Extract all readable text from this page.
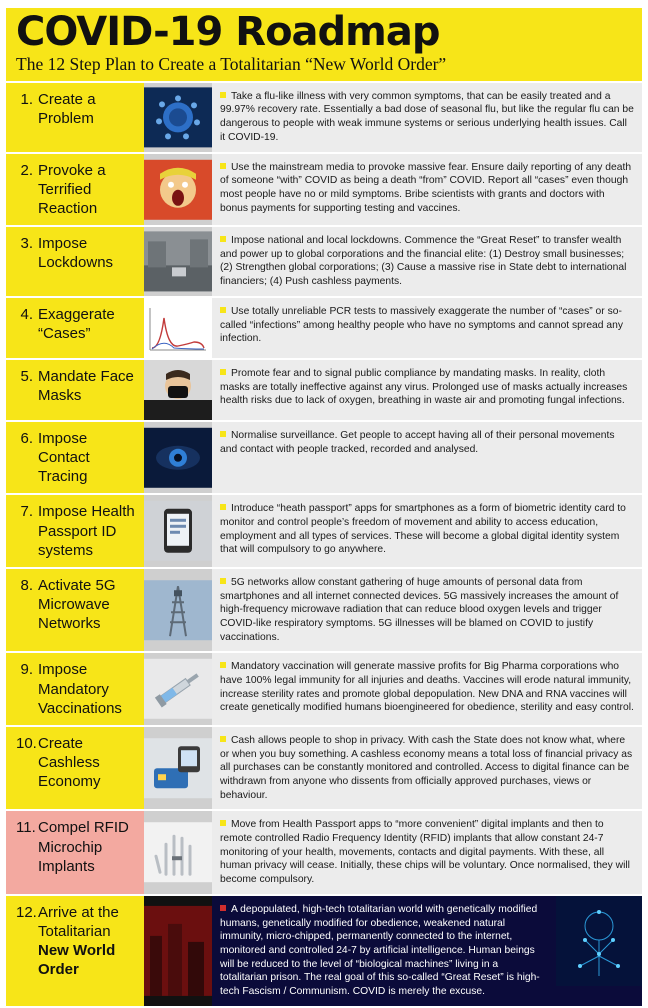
COVID-19 Roadmap
The 12 Step Plan to Create a Totalitarian “New World Order”
1. Create a Problem
Take a flu-like illness with very common symptoms, that can be easily treated and a 99.97% recovery rate. Essentially a bad dose of seasonal flu, but like the regular flu can be dangerous to people with weak immune systems or serious underlying health issues. Call it COVID-19.
2. Provoke a Terrified Reaction
Use the mainstream media to provoke massive fear. Ensure daily reporting of any death of someone “with” COVID as being a death “from” COVID. Report all “cases” even though most people have no or mild symptoms. Bribe scientists with grants and doctors with bonus payments for supporting testing and vaccines.
3. Impose Lockdowns
Impose national and local lockdowns. Commence the “Great Reset” to transfer wealth and power up to global corporations and the financial elite: (1) Destroy small businesses; (2) Strengthen global corporations; (3) Cause a massive rise in State debt to international financiers; (4) Push cashless payments.
4. Exaggerate “Cases”
Use totally unreliable PCR tests to massively exaggerate the number of “cases” or so-called “infections” among healthy people who have no symptoms and cannot spread any infection.
5. Mandate Face Masks
Promote fear and to signal public compliance by mandating masks. In reality, cloth masks are totally ineffective against any virus. Prolonged use of masks actually increases health risks due to lack of oxygen, breathing in waste air and promoting fungal infections.
6. Impose Contact Tracing
Normalise surveillance. Get people to accept having all of their personal movements and contact with people tracked, recorded and analysed.
7. Impose Health Passport ID systems
Introduce “heath passport” apps for smartphones as a form of biometric identity card to monitor and control people’s freedom of movement and ability to access education, employment and all types of services. These will become a global digital identity system that will compulsory to go anywhere.
8. Activate 5G Microwave Networks
5G networks allow constant gathering of huge amounts of personal data from smartphones and all internet connected devices. 5G massively increases the amount of high-frequency microwave radiation that can reduce blood oxygen levels and trigger COVID-like respiratory symptoms. 5G illnesses will be blamed on COVID to justify vaccinations.
9. Impose Mandatory Vaccinations
Mandatory vaccination will generate massive profits for Big Pharma corporations who have 100% legal immunity for all injuries and deaths. Vaccines will erode natural immunity, increase sterility rates and promote global depopulation. New DNA and RNA vaccines will create genetically modified humans bioengineered for obedience, sterility and easy control.
10. Create Cashless Economy
Cash allows people to shop in privacy. With cash the State does not know what, where or when you buy something. A cashless economy means a total loss of financial privacy as all purchases can be constantly monitored and controlled. Access to digital finance can be withdrawn from anyone who dissents from officially approved purchases, views or behaviour.
11. Compel RFID Microchip Implants
Move from Health Passport apps to “more convenient” digital implants and then to remote controlled Radio Frequency Identity (RFID) implants that allow constant 24-7 monitoring of your health, movements, contacts and digital payments. With these, all human privacy will cease. Initially, these chips will be voluntary. Once normalised, they will become compulsory.
12. Arrive at the Totalitarian New World Order
A depopulated, high-tech totalitarian world with genetically modified humans, genetically modified for obedience, weakened natural immunity, micro-chipped, permanently connected to the internet, monitored and controlled 24-7 by artificial intelligence. Human beings will be reduced to the level of “biological machines” living in a totalitarian prison. The real goal of this so-called “Great Reset” is high-tech Fascism / Communism. COVID is merely the excuse.
